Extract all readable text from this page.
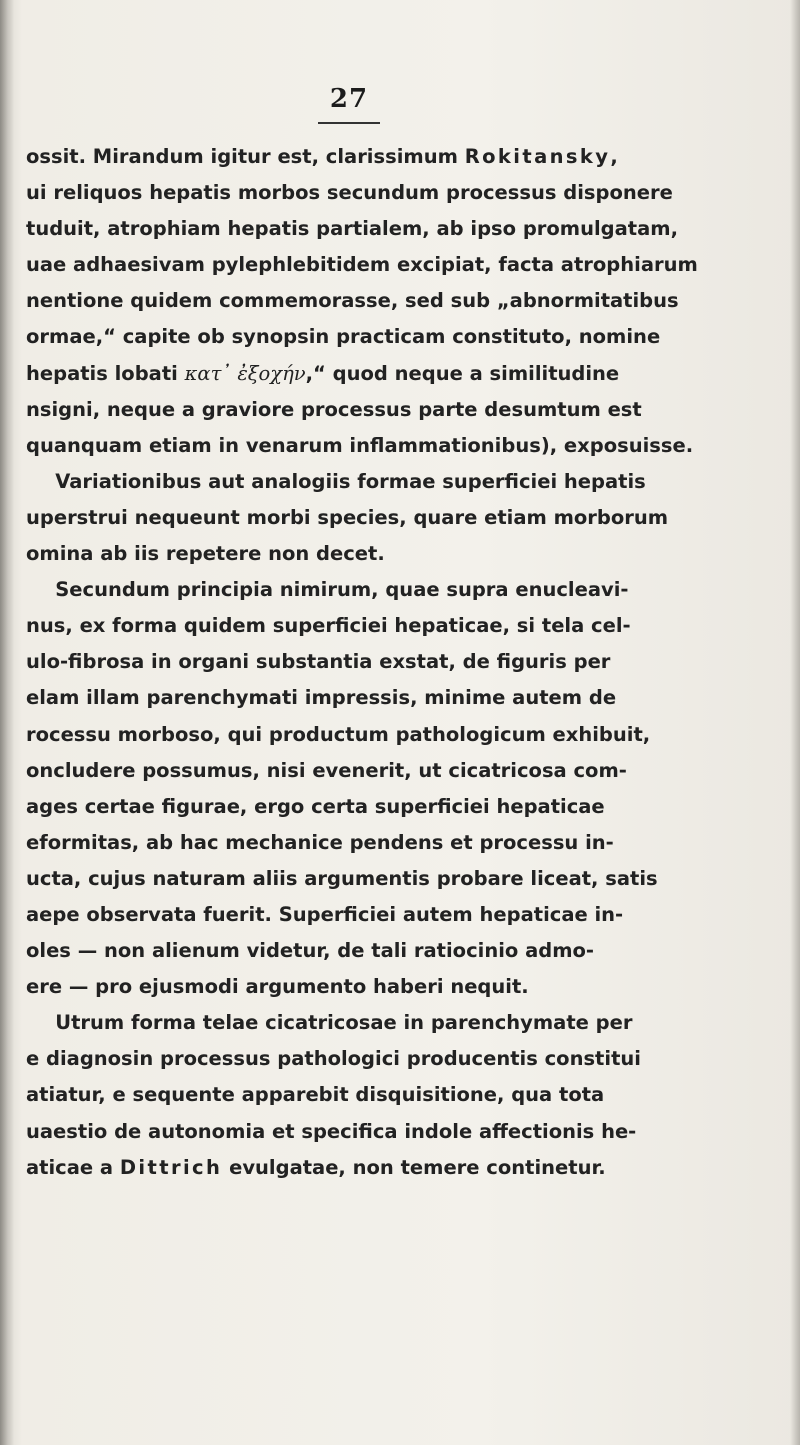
27
ossit. Mirandum igitur est, clarissimum Rokitansky,
ui reliquos hepatis morbos secundum processus disponere
tuduit, atrophiam hepatis partialem, ab ipso promulgatam,
uae adhaesivam pylephlebitidem excipiat, facta atrophiarum
nentione quidem commemorasse, sed sub „abnormitatibus
ormae,“ capite ob synopsin practicam constituto, nomine
hepatis lobati κατ᾽ ἐξοχήν,“ quod neque a similitudine
nsigni, neque a graviore processus parte desumtum est
quanquam etiam in venarum inflammationibus), exposuisse.
  Variationibus aut analogiis formae superficiei hepatis
uperstrui nequeunt morbi species, quare etiam morborum
omina ab iis repetere non decet.
  Secundum principia nimirum, quae supra enucleavi-
nus, ex forma quidem superficiei hepaticae, si tela cel-
ulo-fibrosa in organi substantia exstat, de figuris per
elam illam parenchymati impressis, minime autem de
rocessu morboso, qui productum pathologicum exhibuit,
oncludere possumus, nisi evenerit, ut cicatricosa com-
ages certae figurae, ergo certa superficiei hepaticae
eformitas, ab hac mechanice pendens et processu in-
ucta, cujus naturam aliis argumentis probare liceat, satis
aepe observata fuerit. Superficiei autem hepaticae in-
oles — non alienum videtur, de tali ratiocinio admo-
ere — pro ejusmodi argumento haberi nequit.
  Utrum forma telae cicatricosae in parenchymate per
e diagnosin processus pathologici producentis constitui
atiatur, e sequente apparebit disquisitione, qua tota
uaestio de autonomia et specifica indole affectionis he-
aticae a Dittrich evulgatae, non temere continetur.
